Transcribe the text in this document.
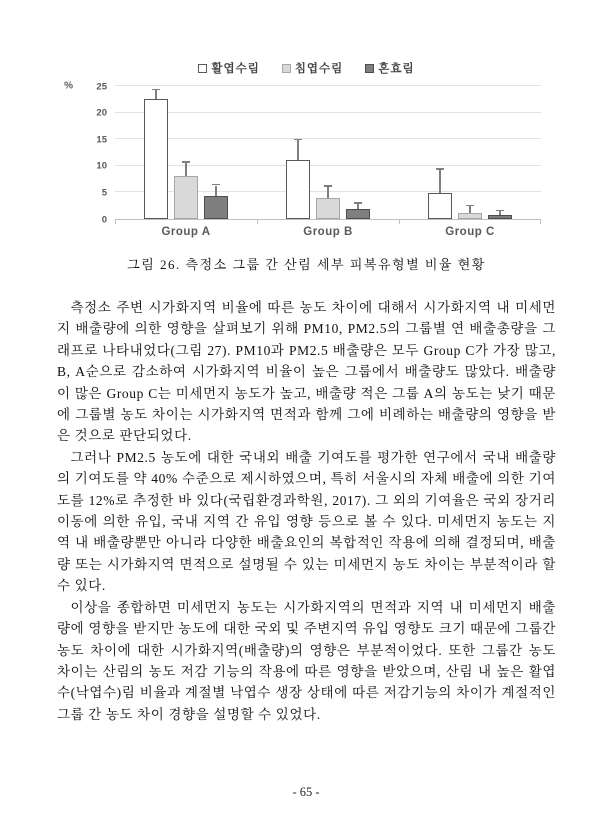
활엽수림	침엽수림	혼효림
0
5
10
15
20
25
%
Group A	Group B	Group C
그림 26. 측정소 그룹 간 산림 세부 피복유형별 비율 현황

측정소 주변 시가화지역 비율에 따른 농도 차이에 대해서 시가화지역 내 미세먼지 배출량에 의한 영향을 살펴보기 위해 PM10, PM2.5의 그룹별 연 배출총량을 그래프로 나타내었다(그림 27). PM10과 PM2.5 배출량은 모두 Group C가 가장 많고, B, A순으로 감소하여 시가화지역 비율이 높은 그룹에서 배출량도 많았다. 배출량이 많은 Group C는 미세먼지 농도가 높고, 배출량 적은 그룹 A의 농도는 낮기 때문에 그룹별 농도 차이는 시가화지역 면적과 함께 그에 비례하는 배출량의 영향을 받은 것으로 판단되었다.

그러나 PM2.5 농도에 대한 국내외 배출 기여도를 평가한 연구에서 국내 배출량의 기여도를 약 40% 수준으로 제시하였으며, 특히 서울시의 자체 배출에 의한 기여도를 12%로 추정한 바 있다(국립환경과학원, 2017). 그 외의 기여율은 국외 장거리 이동에 의한 유입, 국내 지역 간 유입 영향 등으로 볼 수 있다. 미세먼지 농도는 지역 내 배출량뿐만 아니라 다양한 배출요인의 복합적인 작용에 의해 결정되며, 배출량 또는 시가화지역 면적으로 설명될 수 있는 미세먼지 농도 차이는 부분적이라 할 수 있다.

이상을 종합하면 미세먼지 농도는 시가화지역의 면적과 지역 내 미세먼지 배출량에 영향을 받지만 농도에 대한 국외 및 주변지역 유입 영향도 크기 때문에 그룹간 농도 차이에 대한 시가화지역(배출량)의 영향은 부분적이었다. 또한 그룹간 농도 차이는 산림의 농도 저감 기능의 작용에 따른 영향을 받았으며, 산림 내 높은 활엽수(낙엽수)림 비율과 계절별 낙엽수 생장 상태에 따른 저감기능의 차이가 계절적인 그룹 간 농도 차이 경향을 설명할 수 있었다.

- 65 -
